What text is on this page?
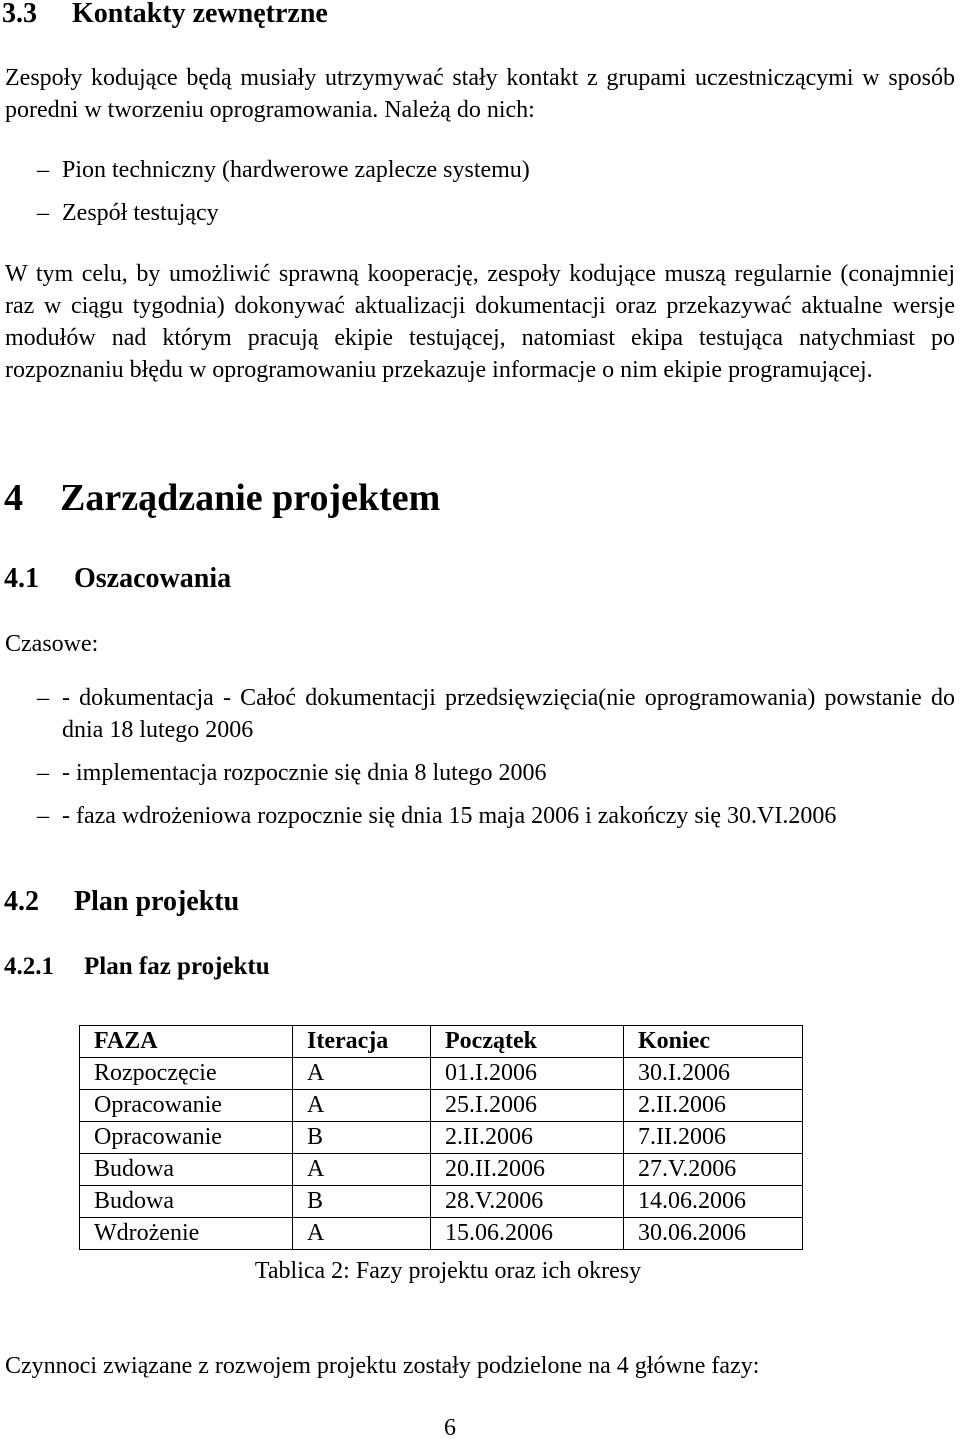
3.3 Kontakty zewnętrzne

Zespoły kodujące będą musiały utrzymywać stały kontakt z grupami uczestniczącymi w sposób poredni w tworzeniu oprogramowania. Należą do nich:

– Pion techniczny (hardwerowe zaplecze systemu)
– Zespół testujący

W tym celu, by umożliwić sprawną kooperację, zespoły kodujące muszą regularnie (conajmniej raz w ciągu tygodnia) dokonywać aktualizacji dokumentacji oraz przekazywać aktualne wersje modułów nad którym pracują ekipie testującej, natomiast ekipa testująca natychmiast po rozpoznaniu błędu w oprogramowaniu przekazuje informacje o nim ekipie programującej.

4 Zarządzanie projektem
4.1 Oszacowania
Czasowe:
– - dokumentacja - Całoć dokumentacji przedsięwzięcia(nie oprogramowania) powstanie do dnia 18 lutego 2006
– - implementacja rozpocznie się dnia 8 lutego 2006
– - faza wdrożeniowa rozpocznie się dnia 15 maja 2006 i zakończy się 30.VI.2006
4.2 Plan projektu
4.2.1 Plan faz projektu
FAZA	Iteracja	Początek	Koniec
Rozpoczęcie	A	01.I.2006	30.I.2006
Opracowanie	A	25.I.2006	2.II.2006
Opracowanie	B	2.II.2006	7.II.2006
Budowa	A	20.II.2006	27.V.2006
Budowa	B	28.V.2006	14.06.2006
Wdrożenie	A	15.06.2006	30.06.2006
Tablica 2: Fazy projektu oraz ich okresy
Czynnoci związane z rozwojem projektu zostały podzielone na 4 główne fazy:
6
